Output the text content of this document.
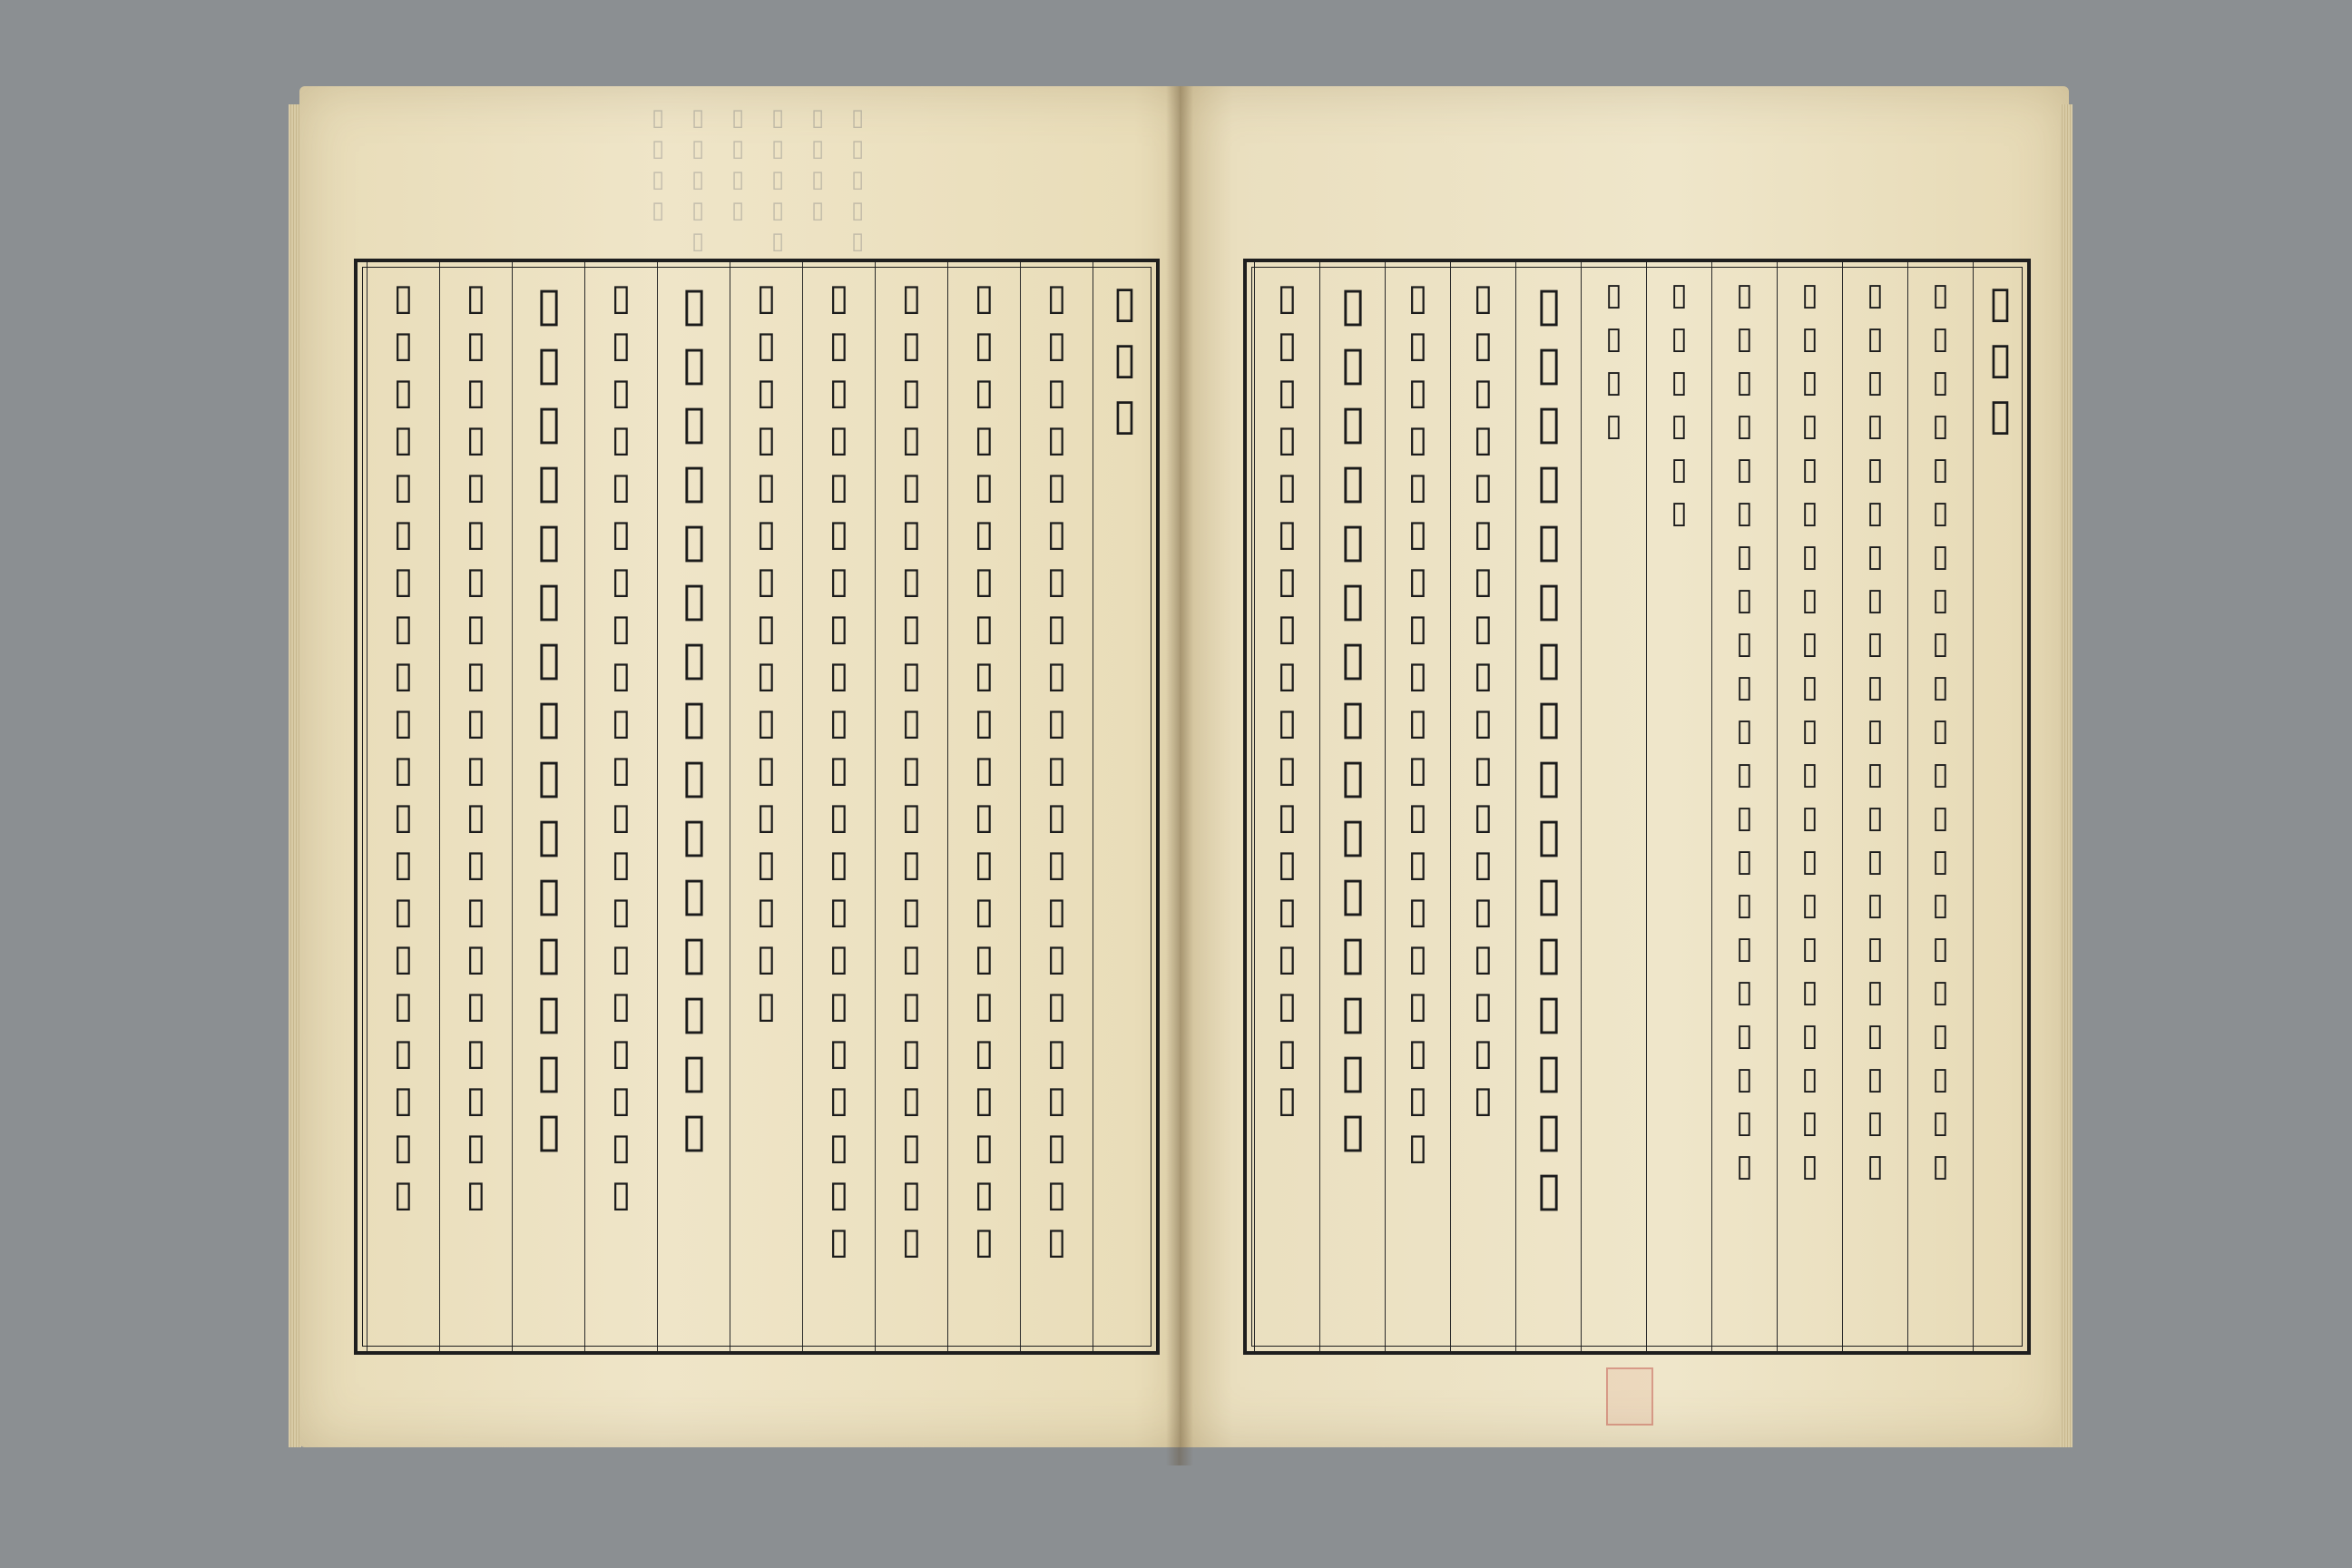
▯▯▯▯▯
▯▯▯▯
▯▯▯▯▯
▯▯▯▯
▯▯▯▯▯
▯▯▯▯
▯▯▯
▯▯▯▯▯▯▯▯▯▯▯▯▯▯▯▯▯▯▯▯▯
▯▯▯▯▯▯▯▯▯▯▯▯▯▯▯▯▯▯▯▯▯
▯▯▯▯▯▯▯▯▯▯▯▯▯▯▯▯▯▯▯▯▯
▯▯▯▯▯▯▯▯▯▯▯▯▯▯▯▯▯▯▯▯▯
▯▯▯▯▯▯▯▯▯▯▯▯▯▯▯▯
▯▯▯▯▯▯▯▯▯▯▯▯▯▯▯
▯▯▯▯▯▯▯▯▯▯▯▯▯▯▯▯▯▯▯▯
▯▯▯▯▯▯▯▯▯▯▯▯▯▯▯
▯▯▯▯▯▯▯▯▯▯▯▯▯▯▯▯▯▯▯▯
▯▯▯▯▯▯▯▯▯▯▯▯▯▯▯▯▯▯▯▯	▯▯▯
▯▯▯▯▯▯▯▯▯▯▯▯▯▯▯▯▯▯▯▯▯
▯▯▯▯▯▯▯▯▯▯▯▯▯▯▯▯▯▯▯▯▯
▯▯▯▯▯▯▯▯▯▯▯▯▯▯▯▯▯▯▯▯▯
▯▯▯▯▯▯▯▯▯▯▯▯▯▯▯▯▯▯▯▯▯
▯▯▯▯▯▯
▯▯▯▯
▯▯▯▯▯▯▯▯▯▯▯▯▯▯▯▯
▯▯▯▯▯▯▯▯▯▯▯▯▯▯▯▯▯▯
▯▯▯▯▯▯▯▯▯▯▯▯▯▯▯▯▯▯▯
▯▯▯▯▯▯▯▯▯▯▯▯▯▯▯
▯▯▯▯▯▯▯▯▯▯▯▯▯▯▯▯▯▯
